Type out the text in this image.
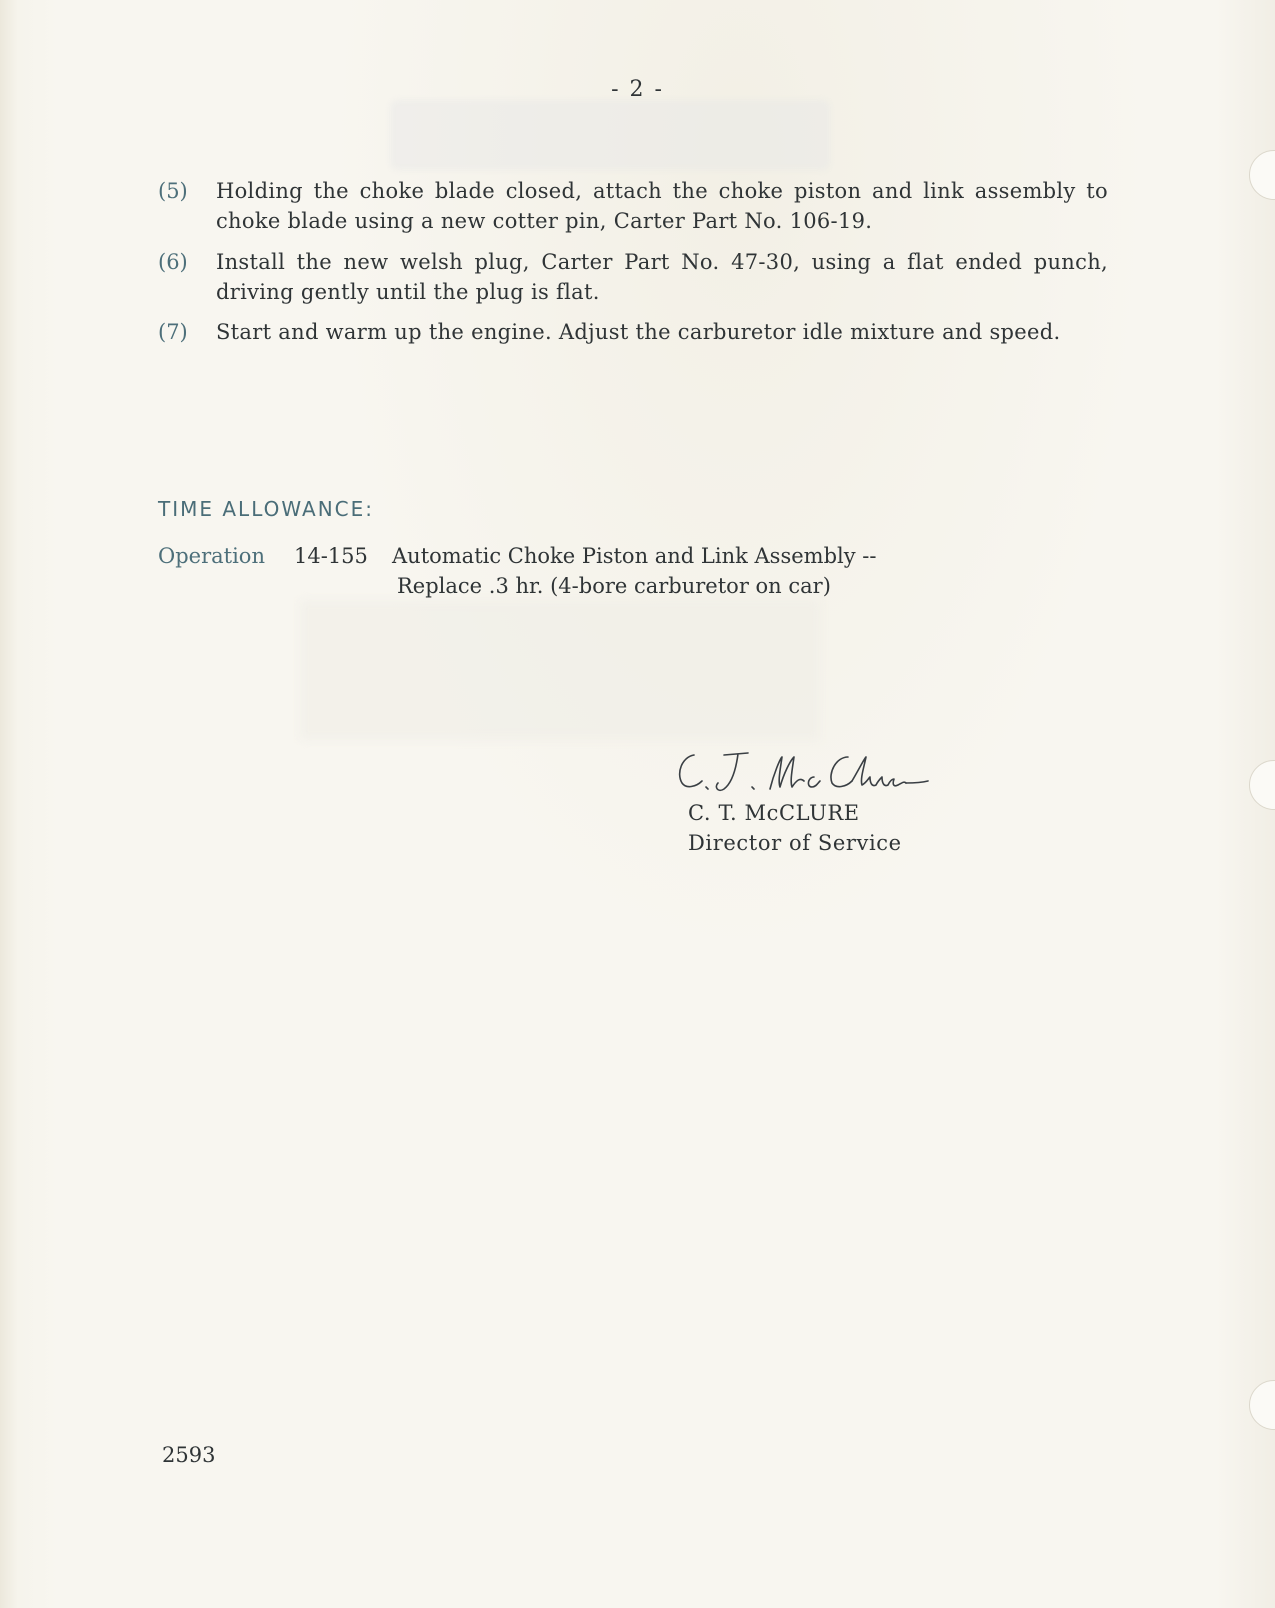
- 2 -
(5) Holding the choke blade closed, attach the choke piston and link assembly to choke blade using a new cotter pin, Carter Part No. 106-19.
(6) Install the new welsh plug, Carter Part No. 47-30, using a flat ended punch, driving gently until the plug is flat.
(7) Start and warm up the engine. Adjust the carburetor idle mixture and speed.
TIME ALLOWANCE:
Operation 14-155 Automatic Choke Piston and Link Assembly --
Replace .3 hr. (4-bore carburetor on car)
C. T. McCLURE
Director of Service
2593
